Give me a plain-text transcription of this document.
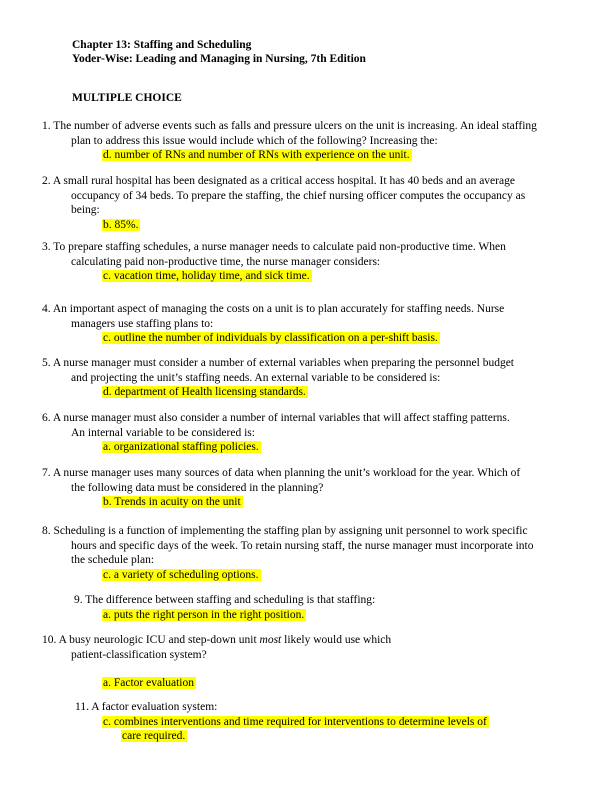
Chapter 13: Staffing and Scheduling
Yoder-Wise: Leading and Managing in Nursing, 7th Edition
MULTIPLE CHOICE
1. The number of adverse events such as falls and pressure ulcers on the unit is increasing. An ideal staffing
plan to address this issue would include which of the following? Increasing the:
d. number of RNs and number of RNs with experience on the unit.
2. A small rural hospital has been designated as a critical access hospital. It has 40 beds and an average
occupancy of 34 beds. To prepare the staffing, the chief nursing officer computes the occupancy as
being:
b. 85%.
3. To prepare staffing schedules, a nurse manager needs to calculate paid non-productive time. When
calculating paid non-productive time, the nurse manager considers:
c. vacation time, holiday time, and sick time.
4. An important aspect of managing the costs on a unit is to plan accurately for staffing needs. Nurse
managers use staffing plans to:
c. outline the number of individuals by classification on a per-shift basis.
5. A nurse manager must consider a number of external variables when preparing the personnel budget
and projecting the unit’s staffing needs. An external variable to be considered is:
d. department of Health licensing standards.
6. A nurse manager must also consider a number of internal variables that will affect staffing patterns.
An internal variable to be considered is:
a. organizational staffing policies.
7. A nurse manager uses many sources of data when planning the unit’s workload for the year. Which of
the following data must be considered in the planning?
b. Trends in acuity on the unit
8. Scheduling is a function of implementing the staffing plan by assigning unit personnel to work specific
hours and specific days of the week. To retain nursing staff, the nurse manager must incorporate into
the schedule plan:
c. a variety of scheduling options.
9. The difference between staffing and scheduling is that staffing:
a. puts the right person in the right position.
10. A busy neurologic ICU and step-down unit most likely would use which
patient-classification system?
a. Factor evaluation
11. A factor evaluation system:
c. combines interventions and time required for interventions to determine levels of
care required.
